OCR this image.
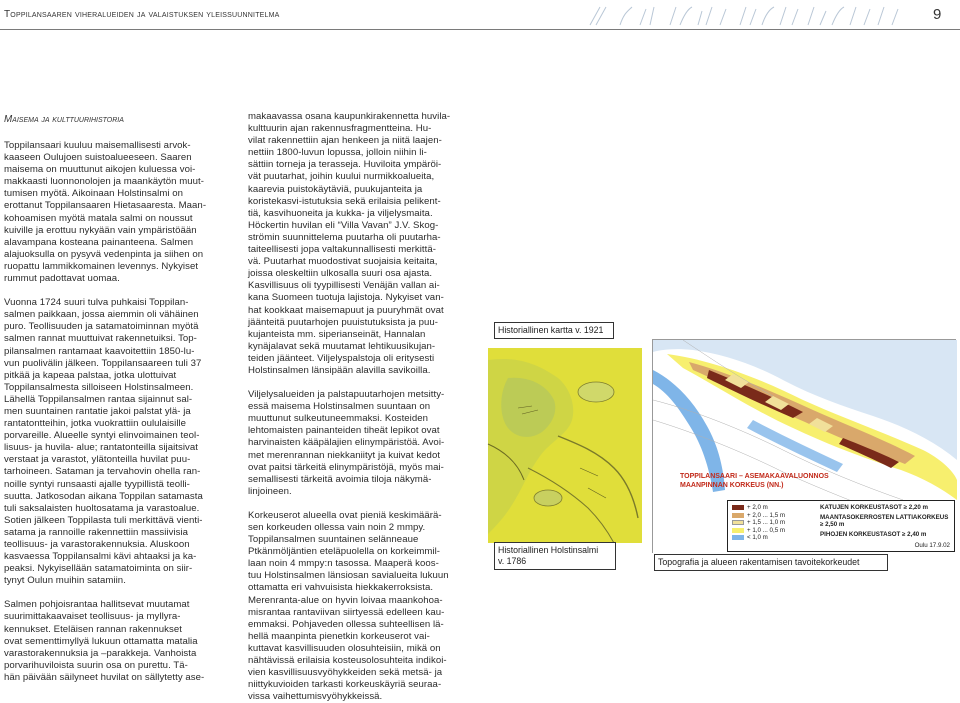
Toppilansaaren viheralueiden ja valaistuksen yleissuunnitelma	9
Maisema ja kulttuurihistoria

Toppilansaari kuuluu maisemallisesti arvok-
kaaseen Oulujoen suistoalueeseen. Saaren
maisema on muuttunut aikojen kuluessa voi-
makkaasti luonnonolojen ja maankäytön muut-
tumisen myötä. Aikoinaan Holstinsalmi on
erottanut Toppilansaaren Hietasaaresta. Maan-
kohoamisen myötä matala salmi on noussut
kuiville ja erottuu nykyään vain ympäristöään
alavampana kosteana painanteena. Salmen
alajuoksulla on pysyvä vedenpinta ja siihen on
ruopattu lammikkomainen levennys. Nykyiset
rummut padottavat uomaa.

Vuonna 1724 suuri tulva puhkaisi Toppilan-
salmen paikkaan, jossa aiemmin oli vähäinen
puro. Teollisuuden ja satamatoiminnan myötä
salmen rannat muuttuivat rakennetuiksi. Top-
pilansalmen rantamaat kaavoitettiin 1850-lu-
vun puolivälin jälkeen. Toppilansaareen tuli 37
pitkää ja kapeaa palstaa, jotka ulottuivat
Toppilansalmesta silloiseen Holstinsalmeen.
Lähellä Toppilansalmen rantaa sijainnut sal-
men suuntainen rantatie jakoi palstat ylä- ja
rantatontteihin, jotka vuokrattiin oululaisille
porvareille. Alueelle syntyi elinvoimainen teol-
lisuus- ja huvila- alue; rantatonteilla sijaitsivat
verstaat ja varastot, ylätonteilla huvilat puu-
tarhoineen. Sataman ja tervahovin ohella ran-
noille syntyi runsaasti ajalle tyypillistä teolli-
suutta. Jatkosodan aikana Toppilan satamasta
tuli saksalaisten huoltosatama ja varastoalue.
Sotien jälkeen Toppilasta tuli merkittävä vienti-
satama ja rannoille rakennettiin massiivisia
teollisuus- ja varastorakennuksia. Aluskoon
kasvaessa Toppilansalmi kävi ahtaaksi ja ka-
peaksi. Nykyisellään satamatoiminta on siir-
tynyt Oulun muihin satamiin.

Salmen pohjoisrantaa hallitsevat muutamat
suurimittakaavaiset teollisuus- ja myllyra-
kennukset. Eteläisen rannan rakennukset
ovat sementtimyllyä lukuun ottamatta matalia
varastorakennuksia ja –parakkeja. Vanhoista
porvarihuviloista suurin osa on purettu. Tä-
hän päivään säilyneet huvilat on sällytetty ase-

makaavassa osana kaupunkirakennetta huvila-
kulttuurin ajan rakennusfragmentteina. Hu-
vilat rakennettiin ajan henkeen ja niitä laajen-
nettiin 1800-luvun lopussa, jolloin niihin li-
sättiin torneja ja terasseja. Huviloita ympäröi-
vät puutarhat, joihin kuului nurmikkoalueita,
kaarevia puistokäytäviä, puukujanteita ja
koristekasvi-istutuksia sekä erilaisia pelikent-
tiä, kasvihuoneita ja kukka- ja viljelysmaita.
Höckertin huvilan eli “Villa Vavan” J.V. Skog-
strömin suunnittelema puutarha oli puutarha-
taiteellisesti jopa valtakunnallisesti merkittä-
vä. Puutarhat muodostivat suojaisia keitaita,
joissa oleskeltiin ulkosalla suuri osa ajasta.
Kasvillisuus oli tyypillisesti Venäjän vallan ai-
kana Suomeen tuotuja lajistoja. Nykyiset van-
hat kookkaat maisemapuut ja puuryhmät ovat
jäänteitä puutarhojen puuistutuksista ja puu-
kujanteista mm. siperianseinät, Hannalan
kynäjalavat sekä muutamat lehtikuusikujan-
teiden jäänteet. Viljelyspalstoja oli eritysesti
Holstinsalmen länsipään alavilla savikoilla.

Viljelysalueiden ja palstapuutarhojen metsitty-
essä maisema Holstinsalmen suuntaan on
muuttunut sulkeutuneemmaksi. Kosteiden
lehtomaisten painanteiden tiheät lepikot ovat
harvinaisten kääpälajien elinympäristöä. Avoi-
met merenrannan niekkaniityt ja kuivat kedot
ovat paitsi tärkeitä elinympäristöjä, myös mai-
semallisesti tärkeitä avoimia tiloja näkymä-
linjoineen.

Korkeuserot alueella ovat pieniä keskimäärä-
sen korkeuden ollessa vain noin 2 mmpy.
Toppilansalmen suuntainen selänneaue
Ptkänmöljäntien eteläpuolella on korkeimmil-
laan noin 4 mmpy:n tasossa. Maaperä koos-
tuu Holstinsalmen länsiosan savialueita lukuun
ottamatta eri vahvuisista hiekkakerroksista.
Merenranta-alue on hyvin loivaa maankohoa-
misrantaa rantaviivan siirtyessä edelleen kau-
emmaksi. Pohjaveden ollessa suhteellisen lä-
hellä maanpinta pienetkin korkeuserot vai-
kuttavat kasvillisuuden olosuhteisiin, mikä on
nähtävissä erilaisia kosteusolosuhteita indikoi-
vien kasvillisuusvyöhykkeiden sekä metsä- ja
niittykuvioiden tarkasti korkeuskäyriä seuraa-
vissa vaihettumisvyöhykkeissä.

Historiallinen kartta v. 1921
Historiallinen Holstinsalmi
v. 1786
TOPPILANSAARI – ASEMAKAAVALUONNOS
MAANPINNAN KORKEUS (NN.)
+ 2,0 m
+ 2,0 ... 1,5 m
+ 1,5 ... 1,0 m
+ 1,0 ... 0,5 m
< 1,0 m
KATUJEN KORKEUSTASOT ≥ 2,20 m
MAANTASOKERROSTEN LATTIAKORKEUS ≥ 2,50 m
PIHOJEN KORKEUSTASOT ≥ 2,40 m
Oulu 17.9.02
Topografia ja alueen rakentamisen tavoitekorkeudet
